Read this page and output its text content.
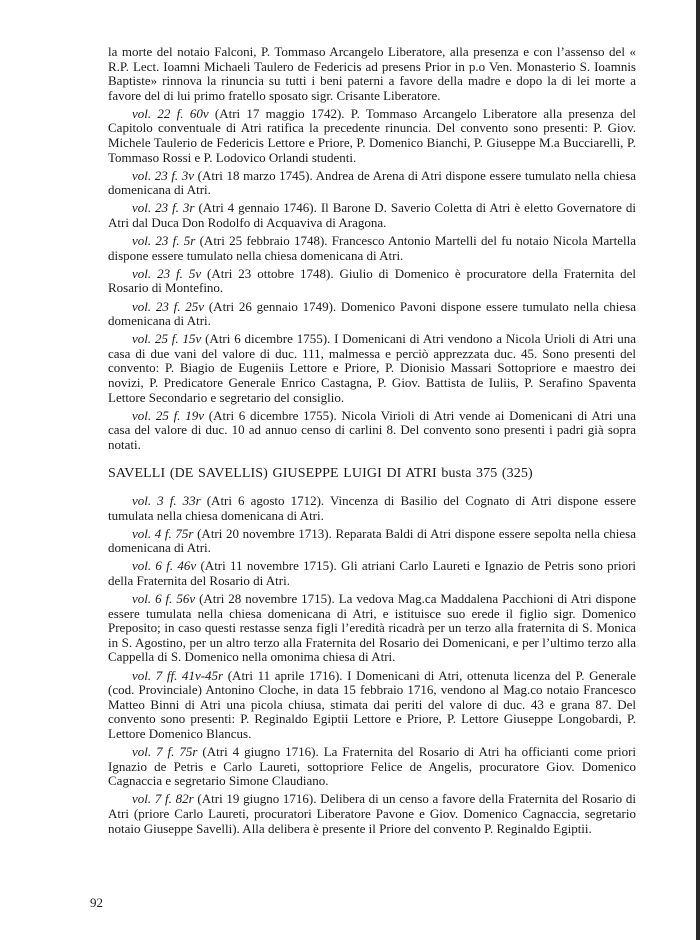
la morte del notaio Falconi, P. Tommaso Arcangelo Liberatore, alla presenza e con l’assenso del « R.P. Lect. Ioamni Michaeli Taulero de Federicis ad presens Prior in p.o Ven. Monasterio S. Ioamnis Baptiste» rinnova la rinuncia su tutti i beni paterni a favore della madre e dopo la di lei morte a favore del di lui primo fratello sposato sigr. Crisante Liberatore.

vol. 22 f. 60v (Atri 17 maggio 1742). P. Tommaso Arcangelo Liberatore alla presenza del Capitolo conventuale di Atri ratifica la precedente rinuncia. Del convento sono presenti: P. Giov. Michele Taulerio de Federicis Lettore e Priore, P. Domenico Bianchi, P. Giuseppe M.a Bucciarelli, P. Tommaso Rossi e P. Lodovico Orlandi studenti.

vol. 23 f. 3v (Atri 18 marzo 1745). Andrea de Arena di Atri dispone essere tumulato nella chiesa domenicana di Atri.

vol. 23 f. 3r (Atri 4 gennaio 1746). Il Barone D. Saverio Coletta di Atri è eletto Governatore di Atri dal Duca Don Rodolfo di Acquaviva di Aragona.

vol. 23 f. 5r (Atri 25 febbraio 1748). Francesco Antonio Martelli del fu notaio Nicola Martella dispone essere tumulato nella chiesa domenicana di Atri.

vol. 23 f. 5v (Atri 23 ottobre 1748). Giulio di Domenico è procuratore della Fraternita del Rosario di Montefino.

vol. 23 f. 25v (Atri 26 gennaio 1749). Domenico Pavoni dispone essere tumulato nella chiesa domenicana di Atri.

vol. 25 f. 15v (Atri 6 dicembre 1755). I Domenicani di Atri vendono a Nicola Urioli di Atri una casa di due vani del valore di duc. 111, malmessa e perciò apprezzata duc. 45. Sono presenti del convento: P. Biagio de Eugeniis Lettore e Priore, P. Dionisio Massari Sottopriore e maestro dei novizi, P. Predicatore Generale Enrico Castagna, P. Giov. Battista de Iuliis, P. Serafino Spaventa Lettore Secondario e segretario del consiglio.

vol. 25 f. 19v (Atri 6 dicembre 1755). Nicola Virioli di Atri vende ai Domenicani di Atri una casa del valore di duc. 10 ad annuo censo di carlini 8. Del convento sono presenti i padri già sopra notati.

SAVELLI (DE SAVELLIS) GIUSEPPE LUIGI DI ATRI busta 375 (325)

vol. 3 f. 33r (Atri 6 agosto 1712). Vincenza di Basilio del Cognato di Atri dispone essere tumulata nella chiesa domenicana di Atri.

vol. 4 f. 75r (Atri 20 novembre 1713). Reparata Baldi di Atri dispone essere sepolta nella chiesa domenicana di Atri.

vol. 6 f. 46v (Atri 11 novembre 1715). Gli atriani Carlo Laureti e Ignazio de Petris sono priori della Fraternita del Rosario di Atri.

vol. 6 f. 56v (Atri 28 novembre 1715). La vedova Mag.ca Maddalena Pacchioni di Atri dispone essere tumulata nella chiesa domenicana di Atri, e istituisce suo erede il figlio sigr. Domenico Preposito; in caso questi restasse senza figli l’eredità ricadrà per un terzo alla fraternita di S. Monica in S. Agostino, per un altro terzo alla Fraternita del Rosario dei Domenicani, e per l’ultimo terzo alla Cappella di S. Domenico nella omonima chiesa di Atri.

vol. 7 ff. 41v-45r (Atri 11 aprile 1716). I Domenicani di Atri, ottenuta licenza del P. Generale (cod. Provinciale) Antonino Cloche, in data 15 febbraio 1716, vendono al Mag.co notaio Francesco Matteo Binni di Atri una picola chiusa, stimata dai periti del valore di duc. 43 e grana 87. Del convento sono presenti: P. Reginaldo Egiptii Lettore e Priore, P. Lettore Giuseppe Longobardi, P. Lettore Domenico Blancus.

vol. 7 f. 75r (Atri 4 giugno 1716). La Fraternita del Rosario di Atri ha officianti come priori Ignazio de Petris e Carlo Laureti, sottopriore Felice de Angelis, procuratore Giov. Domenico Cagnaccia e segretario Simone Claudiano.

vol. 7 f. 82r (Atri 19 giugno 1716). Delibera di un censo a favore della Fraternita del Rosario di Atri (priore Carlo Laureti, procuratori Liberatore Pavone e Giov. Domenico Cagnaccia, segretario notaio Giuseppe Savelli). Alla delibera è presente il Priore del convento P. Reginaldo Egiptii.

92
